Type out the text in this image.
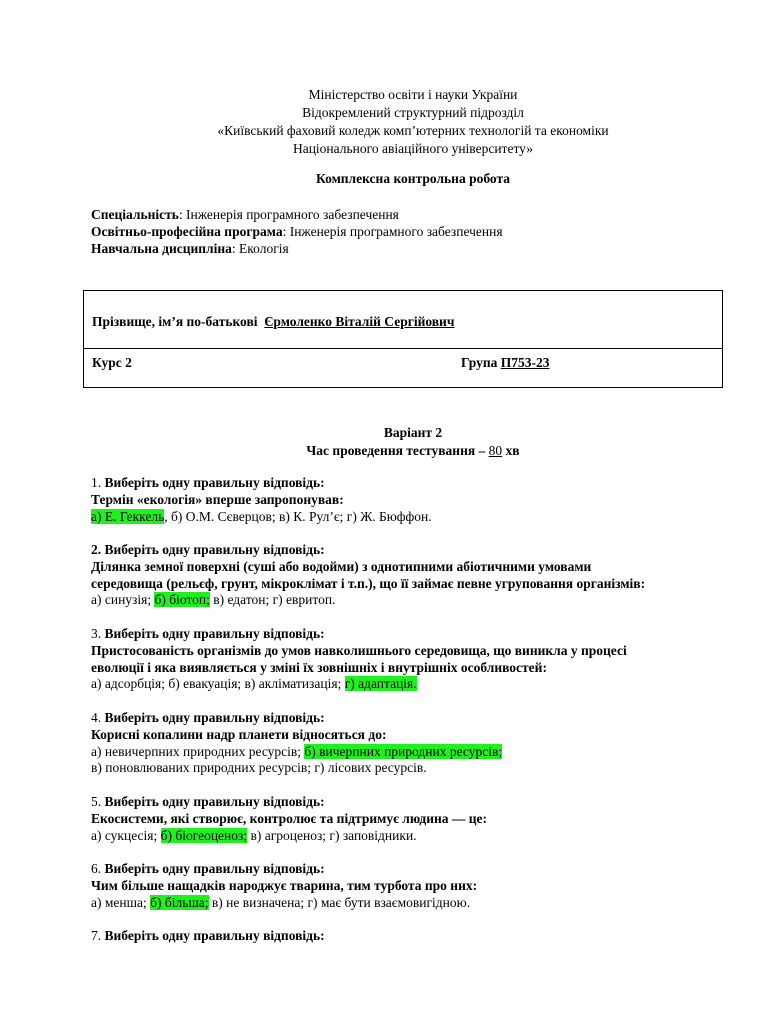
Міністерство освіти і науки України
Відокремлений структурний підрозділ
«Київський фаховий коледж комп’ютерних технологій та економіки
Національного авіаційного університету»
Комплексна контрольна робота
Спеціальність: Інженерія програмного забезпечення
Освітньо-професійна програма: Інженерія програмного забезпечення
Навчальна дисципліна: Екологія
Прізвище, ім’я по-батькові Єрмоленко Віталій Сергійович
Курс 2	Група П753-23
Варіант 2
Час проведення тестування – 80 хв
1. Виберіть одну правильну відповідь:
Термін «екологія» вперше запропонував:
а) Е. Геккель, б) О.М. Сєверцов; в) К. Рул’є; г) Ж. Бюффон.
2. Виберіть одну правильну відповідь:
Ділянка земної поверхні (суші або водойми) з однотипними абіотичними умовами
середовища (рельєф, грунт, мікроклімат і т.п.), що її займає певне угруповання організмів:
а) синузія; б) біотоп; в) едатон; г) евритоп.
3. Виберіть одну правильну відповідь:
Пристосованість організмів до умов навколишнього середовища, що виникла у процесі
еволюції і яка виявляється у зміні їх зовнішніх і внутрішніх особливостей:
а) адсорбція; б) евакуація; в) акліматизація; г) адаптація.
4. Виберіть одну правильну відповідь:
Корисні копалини надр планети відносяться до:
а) невичерпних природних ресурсів; б) вичерпних природних ресурсів;
в) поновлюваних природних ресурсів; г) лісових ресурсів.
5. Виберіть одну правильну відповідь:
Екосистеми, які створює, контролює та підтримує людина — це:
а) сукцесія; б) біогеоценоз; в) агроценоз; г) заповідники.
6. Виберіть одну правильну відповідь:
Чим більше нащадків народжує тварина, тим турбота про них:
а) менша; б) більша; в) не визначена; г) має бути взаємовигідною.
7. Виберіть одну правильну відповідь:
